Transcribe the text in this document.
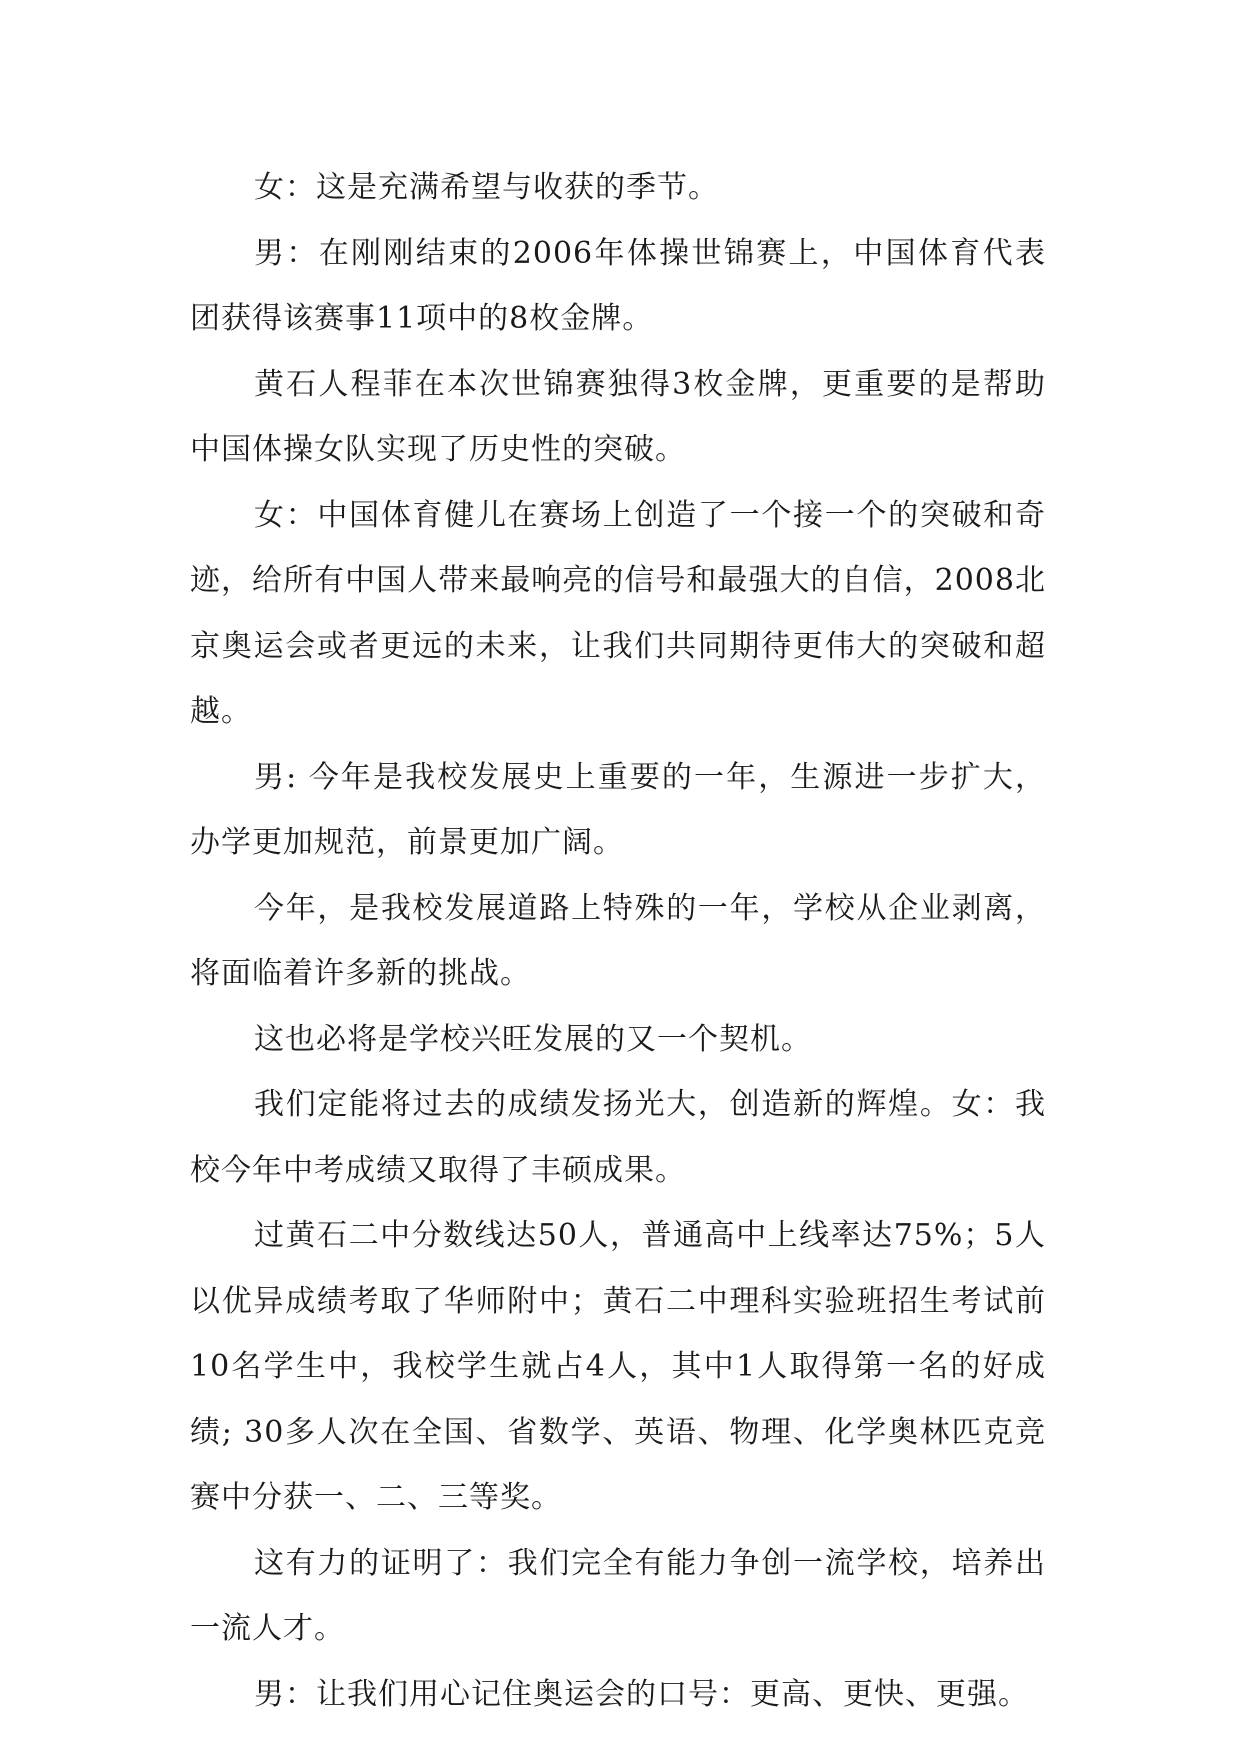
女：这是充满希望与收获的季节。

男：在刚刚结束的2006年体操世锦赛上，中国体育代表团获得该赛事11项中的8枚金牌。

黄石人程菲在本次世锦赛独得3枚金牌，更重要的是帮助中国体操女队实现了历史性的突破。

女：中国体育健儿在赛场上创造了一个接一个的突破和奇迹，给所有中国人带来最响亮的信号和最强大的自信，2008北京奥运会或者更远的未来，让我们共同期待更伟大的突破和超越。

男: 今年是我校发展史上重要的一年，生源进一步扩大，办学更加规范，前景更加广阔。

今年，是我校发展道路上特殊的一年，学校从企业剥离，将面临着许多新的挑战。

这也必将是学校兴旺发展的又一个契机。

我们定能将过去的成绩发扬光大，创造新的辉煌。女：我校今年中考成绩又取得了丰硕成果。

过黄石二中分数线达50人，普通高中上线率达75%；5人以优异成绩考取了华师附中；黄石二中理科实验班招生考试前10名学生中，我校学生就占4人，其中1人取得第一名的好成绩; 30多人次在全国、省数学、英语、物理、化学奥林匹克竞赛中分获一、二、三等奖。

这有力的证明了：我们完全有能力争创一流学校，培养出一流人才。

男：让我们用心记住奥运会的口号：更高、更快、更强。
